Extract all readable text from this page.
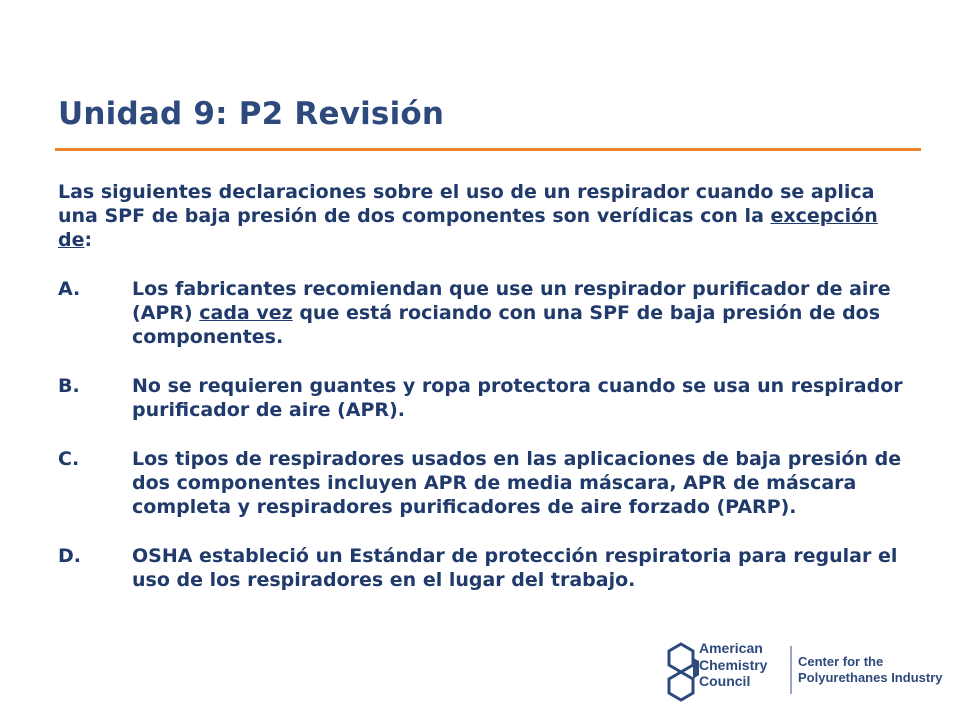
Unidad 9: P2 Revisión

Las siguientes declaraciones sobre el uso de un respirador cuando se aplica una SPF de baja presión de dos componentes son verídicas con la excepción de:

A.	Los fabricantes recomiendan que use un respirador purificador de aire (APR) cada vez que está rociando con una SPF de baja presión de dos componentes.
B.	No se requieren guantes y ropa protectora cuando se usa un respirador purificador de aire (APR).
C.	Los tipos de respiradores usados en las aplicaciones de baja presión de dos componentes incluyen APR de media máscara, APR de máscara completa y respiradores purificadores de aire forzado (PARP).
D.	OSHA estableció un Estándar de protección respiratoria para regular el uso de los respiradores en el lugar del trabajo.
American
Chemistry
Council
Center for the
Polyurethanes Industry
